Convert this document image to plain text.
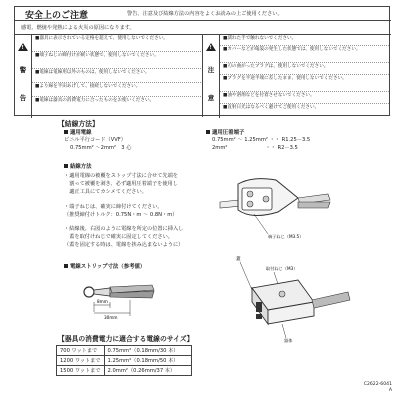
安全上のご注意	警告、注意及び結線方法の内容をよくお読みの上ご使用ください。
感電、燃焼や発熱による火災の原因になります。
!
警
告
■器具に表示されている定格を超えて、使用しないでください。
■端子ねじの締付けが緩い状態で、使用しないでください。
■電線は電線用以外のものは、使用しないでください。
■より線を半田あげして、接続しないでください。
■電線は器具の消費電力に合ったものをお使いください。
!
注
意
■濡れた手で触れないでください。
■カバーなどが亀裂の発生した状態では、使用しないでください。
■刃の曲がったプラグは、使用しないでください。
■プラグを半途半端に差したまま、使用しないでください。
■油や溶剤などを付着させないでください。
■直射日光はなるべく避けてご使用ください。
【結線方法】
適用電線
ビニル平行コード（VVF）
0.75mm² ～2mm²　3 心
結線方法
・適用電線の被覆をストップ寸法に合せて先端を
　割って被覆を剥き、必ず適用圧着端子を使用し
　適正工具にてカシメてください。
・端子ねじは、確実に締付けてください。
（推奨締付けトルク：0.75N・m ～ 0.8N・m）
・結線後、右図のように電線を所定の位置に挿入し
　蓋を取付けねじで確実に固定してください。
（蓋を固定する時は、電線を挟み込まないように）
電線ストリップ寸法（参考値）
8mm
30mm
適用圧着端子
0.75mm² ～ 1.25mm² ・・ R1.25－3.5
2mm²　　　　　　　 ・・ R2－3.5
端子ねじ（M3.5）
蓋
取付ねじ（M3）
器体
【器具の消費電力に適合する電線のサイズ】
700 ワットまで	0.75mm²（0.18mm/30 本）
1200 ワットまで	1.25mm²（0.18mm/50 本）
1500 ワットまで	2.0mm²（0.26mm/37 本）
C2622-6041
A
